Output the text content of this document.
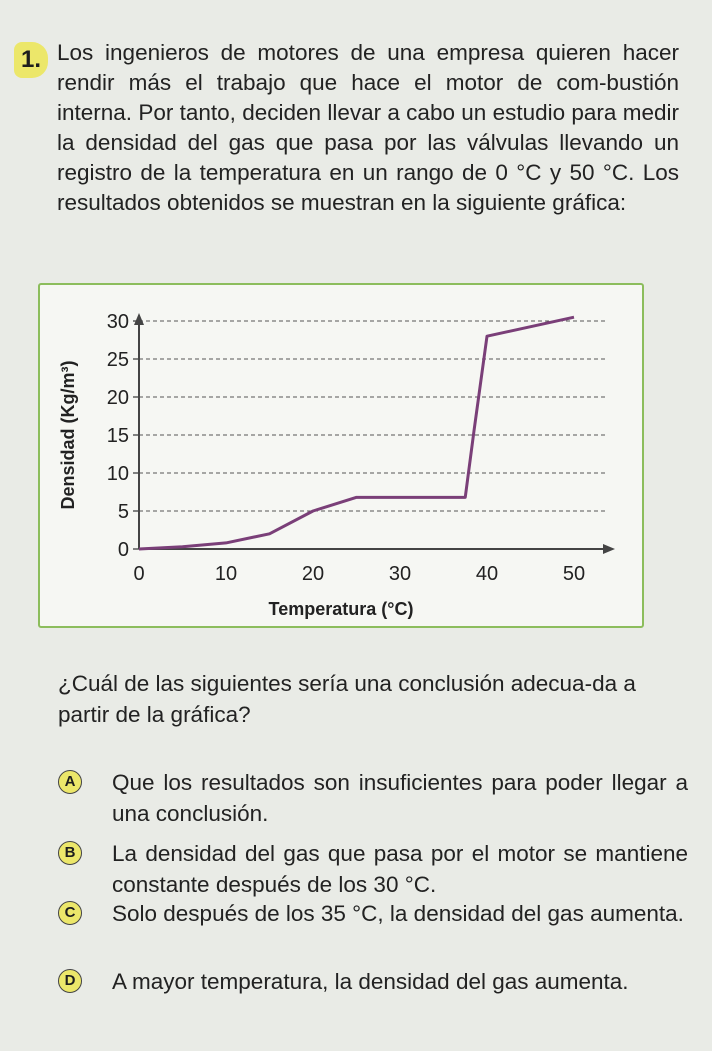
1. Los ingenieros de motores de una empresa quieren hacer rendir más el trabajo que hace el motor de com-bustión interna. Por tanto, deciden llevar a cabo un estudio para medir la densidad del gas que pasa por las válvulas llevando un registro de la temperatura en un rango de 0 °C y 50 °C. Los resultados obtenidos se muestran en la siguiente gráfica:

0
5
10
15
20
25
30
0	10	20	30	40	50
Temperatura (°C)
Densidad (Kg/m³)

¿Cuál de las siguientes sería una conclusión adecua-da a partir de la gráfica?

A Que los resultados son insuficientes para poder llegar a una conclusión.

B La densidad del gas que pasa por el motor se mantiene constante después de los 30 °C.

C Solo después de los 35 °C, la densidad del gas aumenta.

D A mayor temperatura, la densidad del gas aumenta.
